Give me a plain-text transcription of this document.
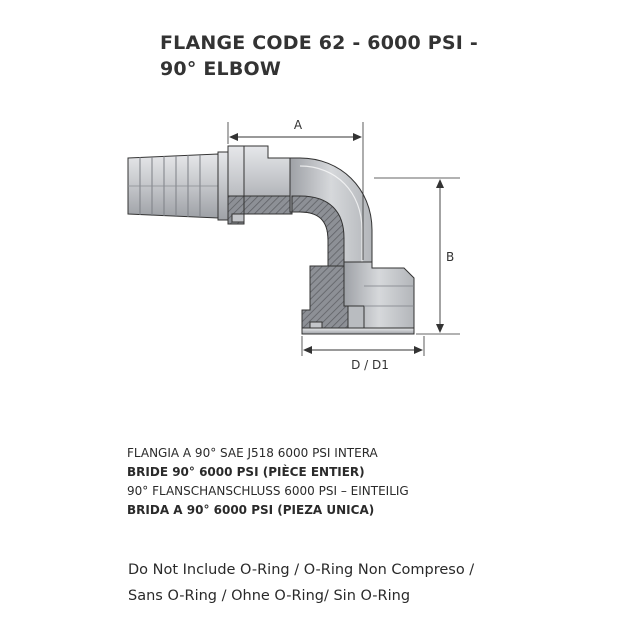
FLANGE CODE 62 - 6000 PSI -
90° ELBOW
A
B
D / D1
FLANGIA A 90° SAE J518 6000 PSI INTERA
BRIDE 90° 6000 PSI (PIÈCE ENTIER)
90° FLANSCHANSCHLUSS 6000 PSI – EINTEILIG
BRIDA A 90° 6000 PSI (PIEZA UNICA)
Do Not Include O-Ring / O-Ring Non Compreso /
Sans O-Ring / Ohne O-Ring/ Sin O-Ring
